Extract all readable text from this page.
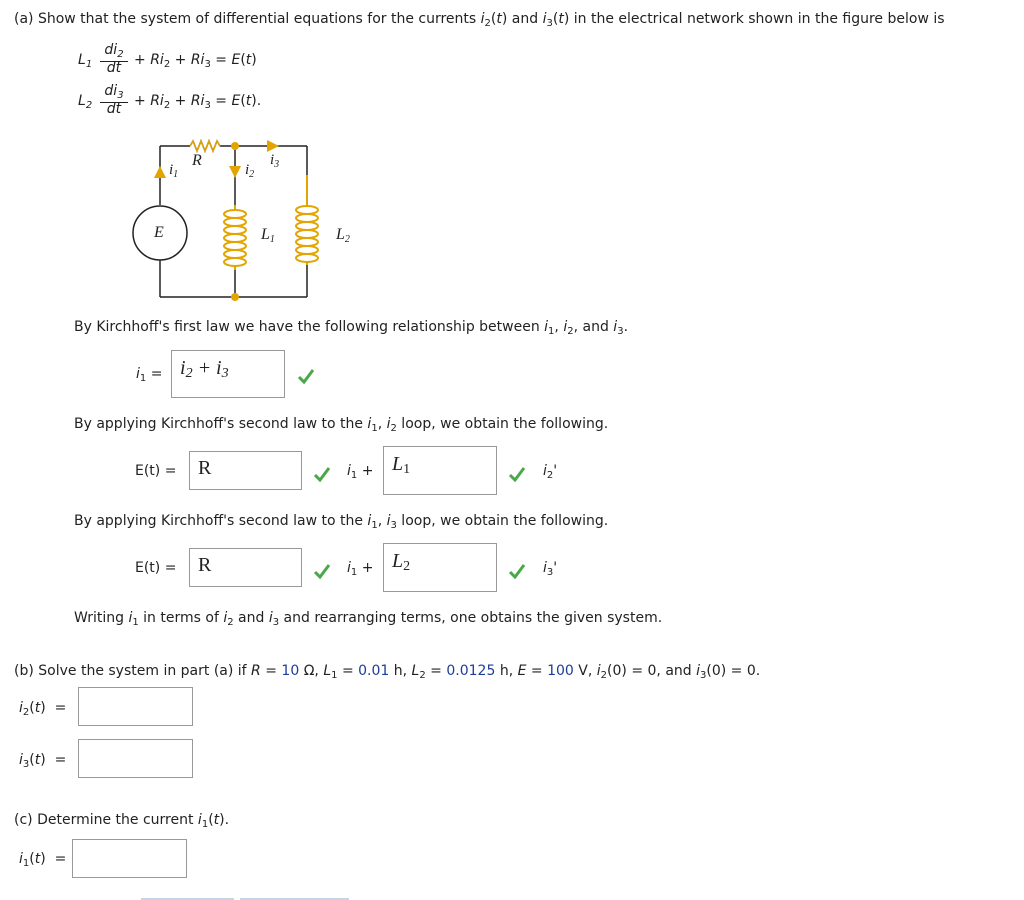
(a) Show that the system of differential equations for the currents $i_2(t)$ and $i_3(t)$ in the electrical network shown in the figure below is
$L_1$
$di_2$
dt + $Ri_2 + Ri_3 = E(t)$
$L_2$
$di_3$
dt + $Ri_2 + Ri_3 = E(t)$.
$i_1$
R
$i_2$
$i_3$
E	$L_1$	$L_2$
By Kirchhoff's first law we have the following relationship between $i_1$, $i_2$, and $i_3$.
$i_1 = i_2 + i_3$
By applying Kirchhoff's second law to the $i_1$, $i_2$ loop, we obtain the following.
E(t) = R	$i_1 + L_1$	$i_2'$
By applying Kirchhoff's second law to the $i_1$, $i_3$ loop, we obtain the following.
E(t) = R	$i_1 + L_2$	$i_3'$
Writing $i_1$ in terms of $i_2$ and $i_3$ and rearranging terms, one obtains the given system.
(b) Solve the system in part (a) if R = 10 Ω, $L_1 = 0.01$ h, $L_2 = 0.0125$ h, E = 100 V, $i_2(0) = 0$, and $i_3(0) = 0$.
$i_2(t)$  =
$i_3(t)$  =
(c) Determine the current $i_1(t)$.
$i_1(t)$  =
